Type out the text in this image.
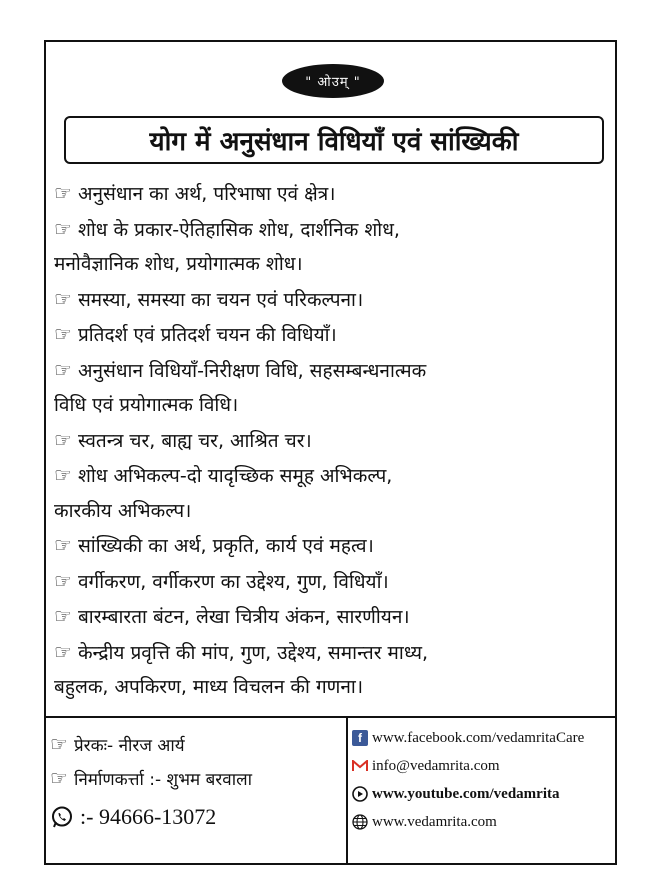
" ओउम् "
योग में अनुसंधान विधियाँ एवं सांख्यिकी
☞ अनुसंधान का अर्थ, परिभाषा एवं क्षेत्र।
☞ शोध के प्रकार-ऐतिहासिक शोध, दार्शनिक शोध,
मनोवैज्ञानिक शोध, प्रयोगात्मक शोध।
☞ समस्या, समस्या का चयन एवं परिकल्पना।
☞ प्रतिदर्श एवं प्रतिदर्श चयन की विधियाँ।
☞ अनुसंधान विधियाँ-निरीक्षण विधि, सहसम्बन्धनात्मक
विधि एवं प्रयोगात्मक विधि।
☞ स्वतन्त्र चर, बाह्य चर, आश्रित चर।
☞ शोध अभिकल्प-दो यादृच्छिक समूह अभिकल्प,
कारकीय अभिकल्प।
☞ सांख्यिकी का अर्थ, प्रकृति, कार्य एवं महत्व।
☞ वर्गीकरण, वर्गीकरण का उद्देश्य, गुण, विधियाँ।
☞ बारम्बारता बंटन, लेखा चित्रीय अंकन, सारणीयन।
☞ केन्द्रीय प्रवृत्ति की मांप, गुण, उद्देश्य, समान्तर माध्य,
बहुलक, अपकिरण, माध्य विचलन की गणना।
☞ प्रेरकः- नीरज आर्य
☞ निर्माणकर्त्ता :- शुभम बरवाला
:- 94666-13072
f www.facebook.com/vedamritaCare
info@vedamrita.com
www.youtube.com/vedamrita
www.vedamrita.com
